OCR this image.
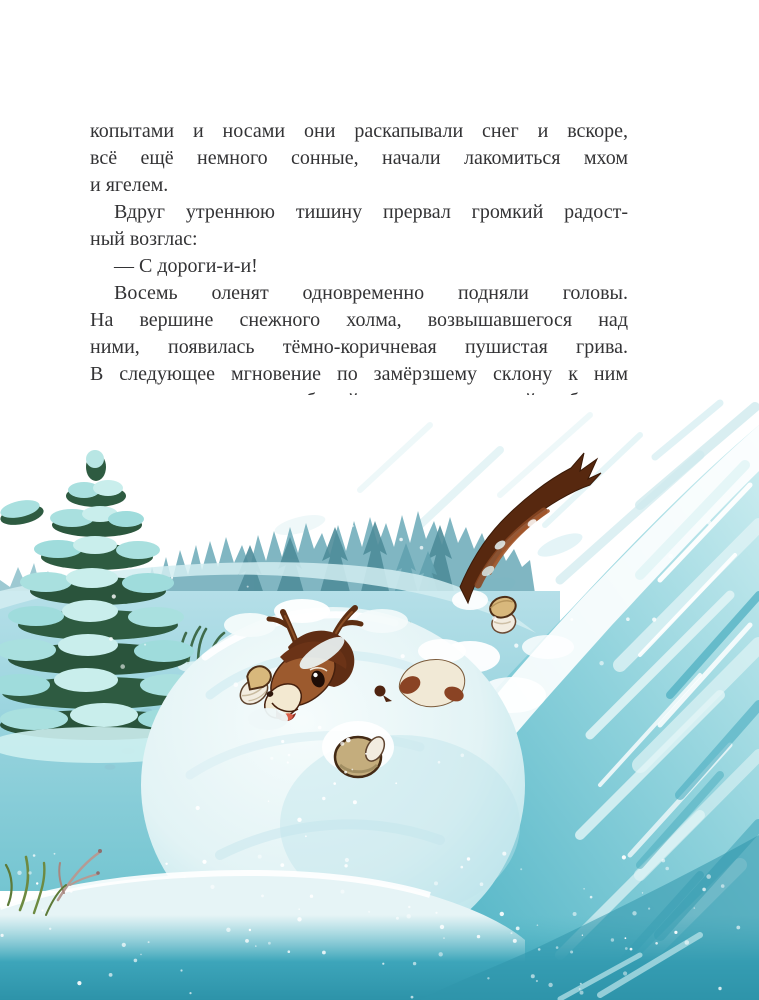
копытами и носами они раскапывали снег и вскоре,
всё ещё немного сонные, начали лакомиться мхом
и ягелем.
Вдруг утреннюю тишину прервал громкий радост-
ный возглас:
— С дороги-и-и!
Восемь оленят одновременно подняли головы.
На вершине снежного холма, возвышавшегося над
ними, появилась тёмно-коричневая пушистая грива.
В следующее мгновение по замёрзшему склону к ним
